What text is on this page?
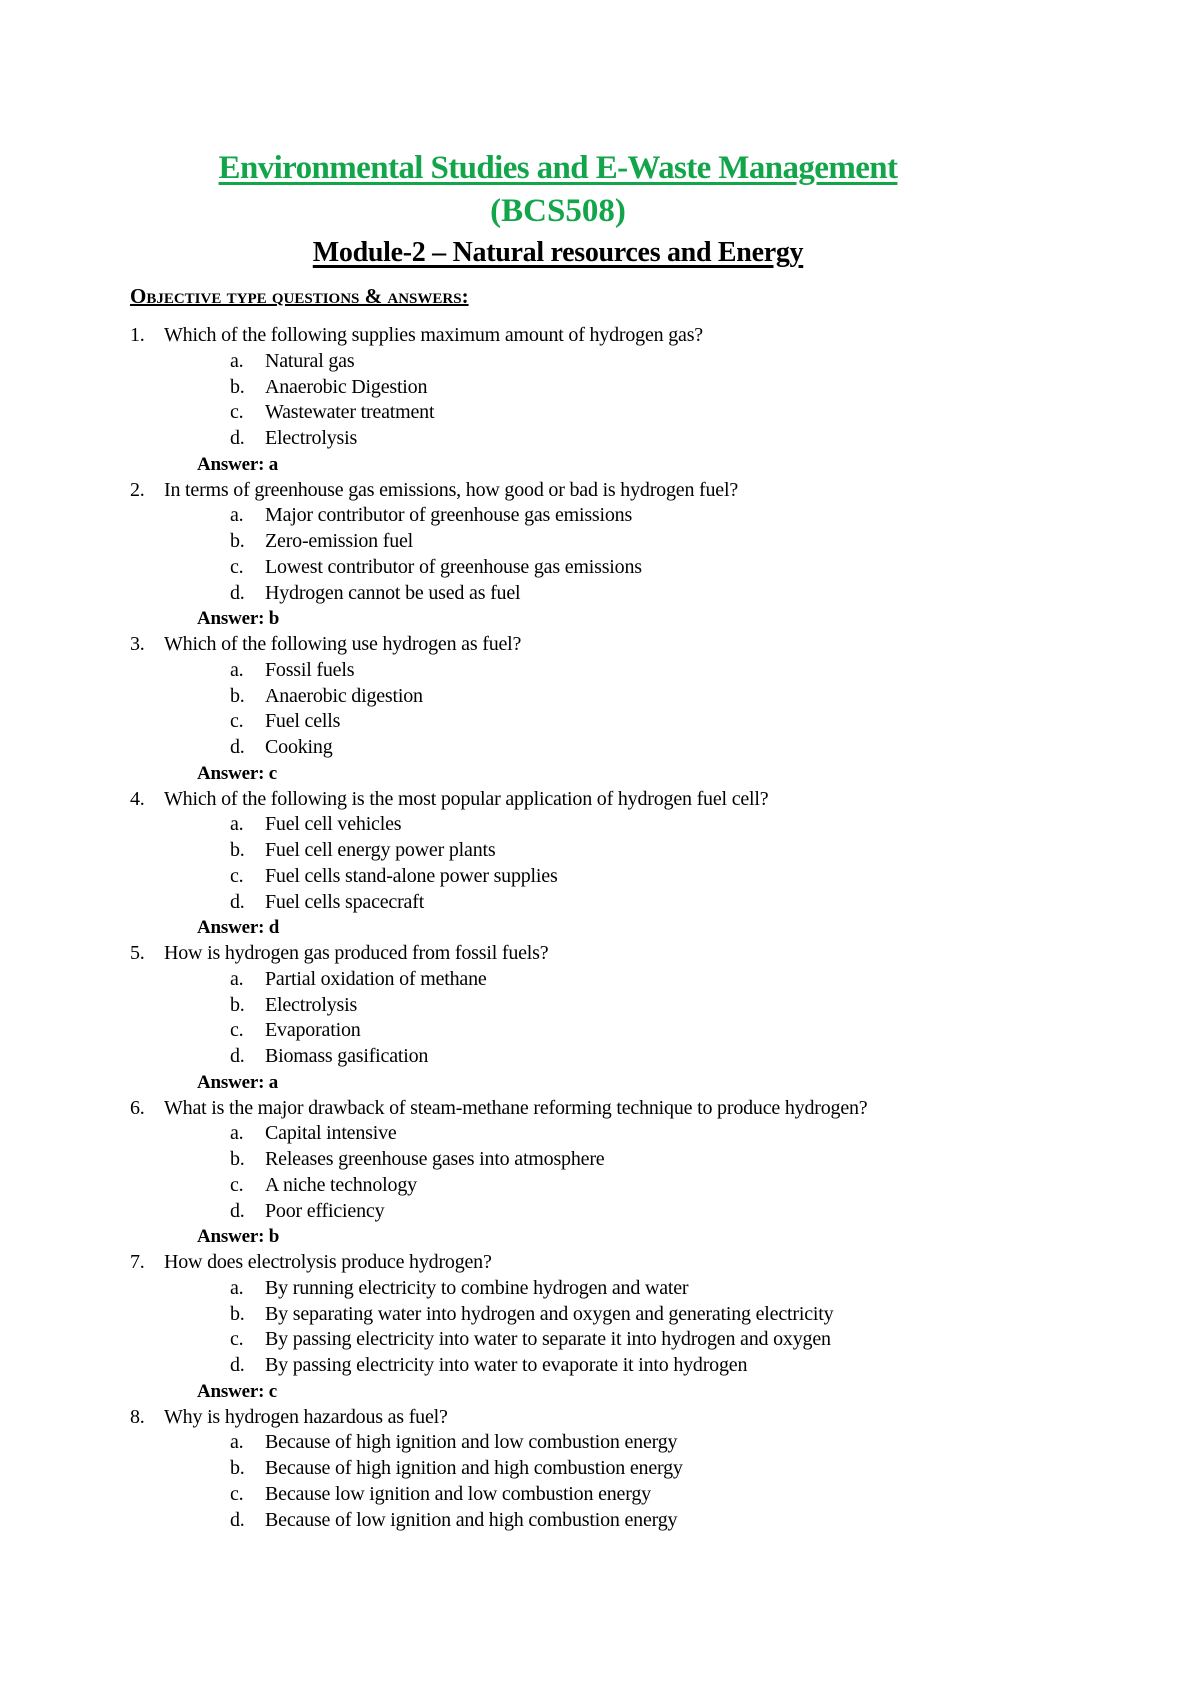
Environmental Studies and E-Waste Management
(BCS508)
Module-2 – Natural resources and Energy
Objective type questions & answers:
1. Which of the following supplies maximum amount of hydrogen gas?
a. Natural gas
b. Anaerobic Digestion
c. Wastewater treatment
d. Electrolysis
Answer: a
2. In terms of greenhouse gas emissions, how good or bad is hydrogen fuel?
a. Major contributor of greenhouse gas emissions
b. Zero-emission fuel
c. Lowest contributor of greenhouse gas emissions
d. Hydrogen cannot be used as fuel
Answer: b
3. Which of the following use hydrogen as fuel?
a. Fossil fuels
b. Anaerobic digestion
c. Fuel cells
d. Cooking
Answer: c
4. Which of the following is the most popular application of hydrogen fuel cell?
a. Fuel cell vehicles
b. Fuel cell energy power plants
c. Fuel cells stand-alone power supplies
d. Fuel cells spacecraft
Answer: d
5. How is hydrogen gas produced from fossil fuels?
a. Partial oxidation of methane
b. Electrolysis
c. Evaporation
d. Biomass gasification
Answer: a
6. What is the major drawback of steam-methane reforming technique to produce hydrogen?
a. Capital intensive
b. Releases greenhouse gases into atmosphere
c. A niche technology
d. Poor efficiency
Answer: b
7. How does electrolysis produce hydrogen?
a. By running electricity to combine hydrogen and water
b. By separating water into hydrogen and oxygen and generating electricity
c. By passing electricity into water to separate it into hydrogen and oxygen
d. By passing electricity into water to evaporate it into hydrogen
Answer: c
8. Why is hydrogen hazardous as fuel?
a. Because of high ignition and low combustion energy
b. Because of high ignition and high combustion energy
c. Because low ignition and low combustion energy
d. Because of low ignition and high combustion energy
